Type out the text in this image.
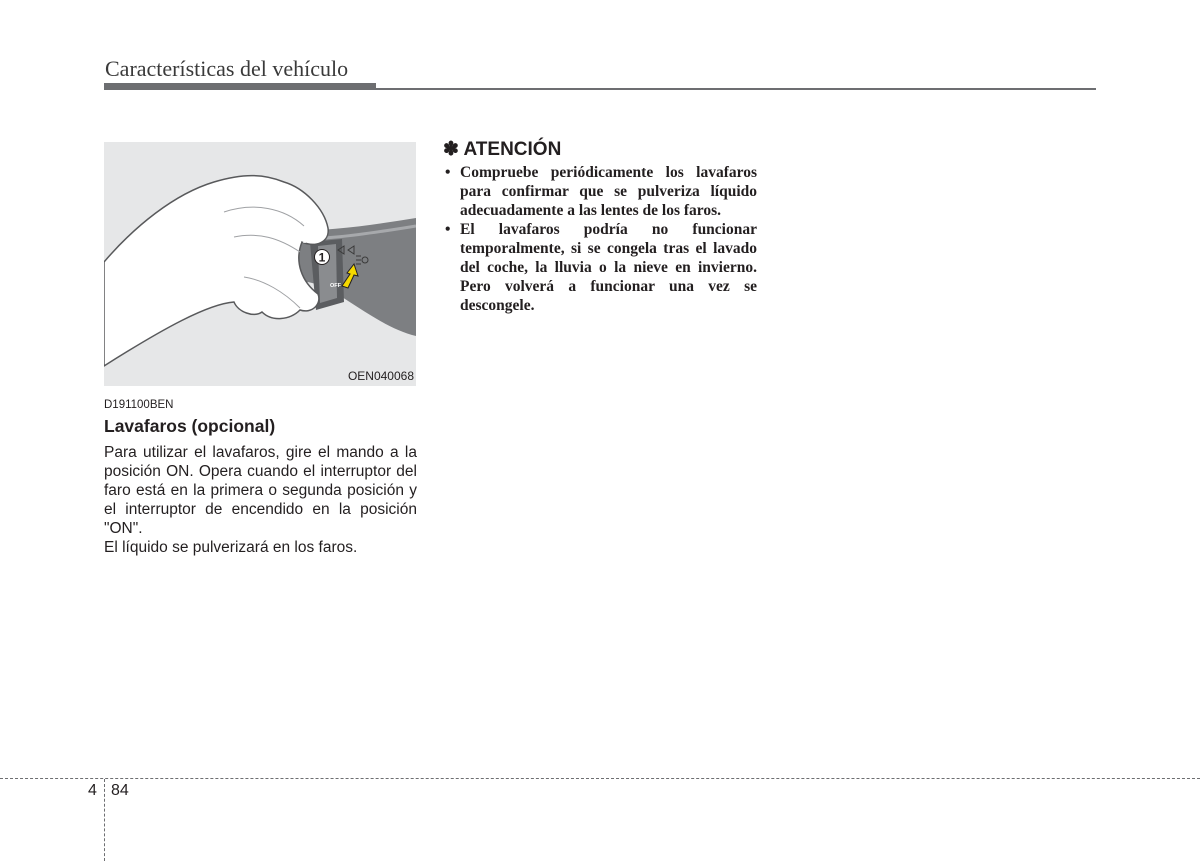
Características del vehículo
AUTO
OFF	OFF
1
OEN040068
D191100BEN
Lavafaros (opcional)

Para utilizar el lavafaros, gire el mando a la posición ON. Opera cuando el interruptor del faro está en la primera o segunda posición y el interruptor de encendido en la posición "ON".

El líquido se pulverizará en los faros.

✽ ATENCIÓN
• Compruebe periódicamente los lavafaros para confirmar que se pulveriza líquido adecuadamente a las lentes de los faros.
• El lavafaros podría no funcionar temporalmente, si se congela tras el lavado del coche, la lluvia o la nieve en invierno. Pero volverá a funcionar una vez se descongele.
4 84
